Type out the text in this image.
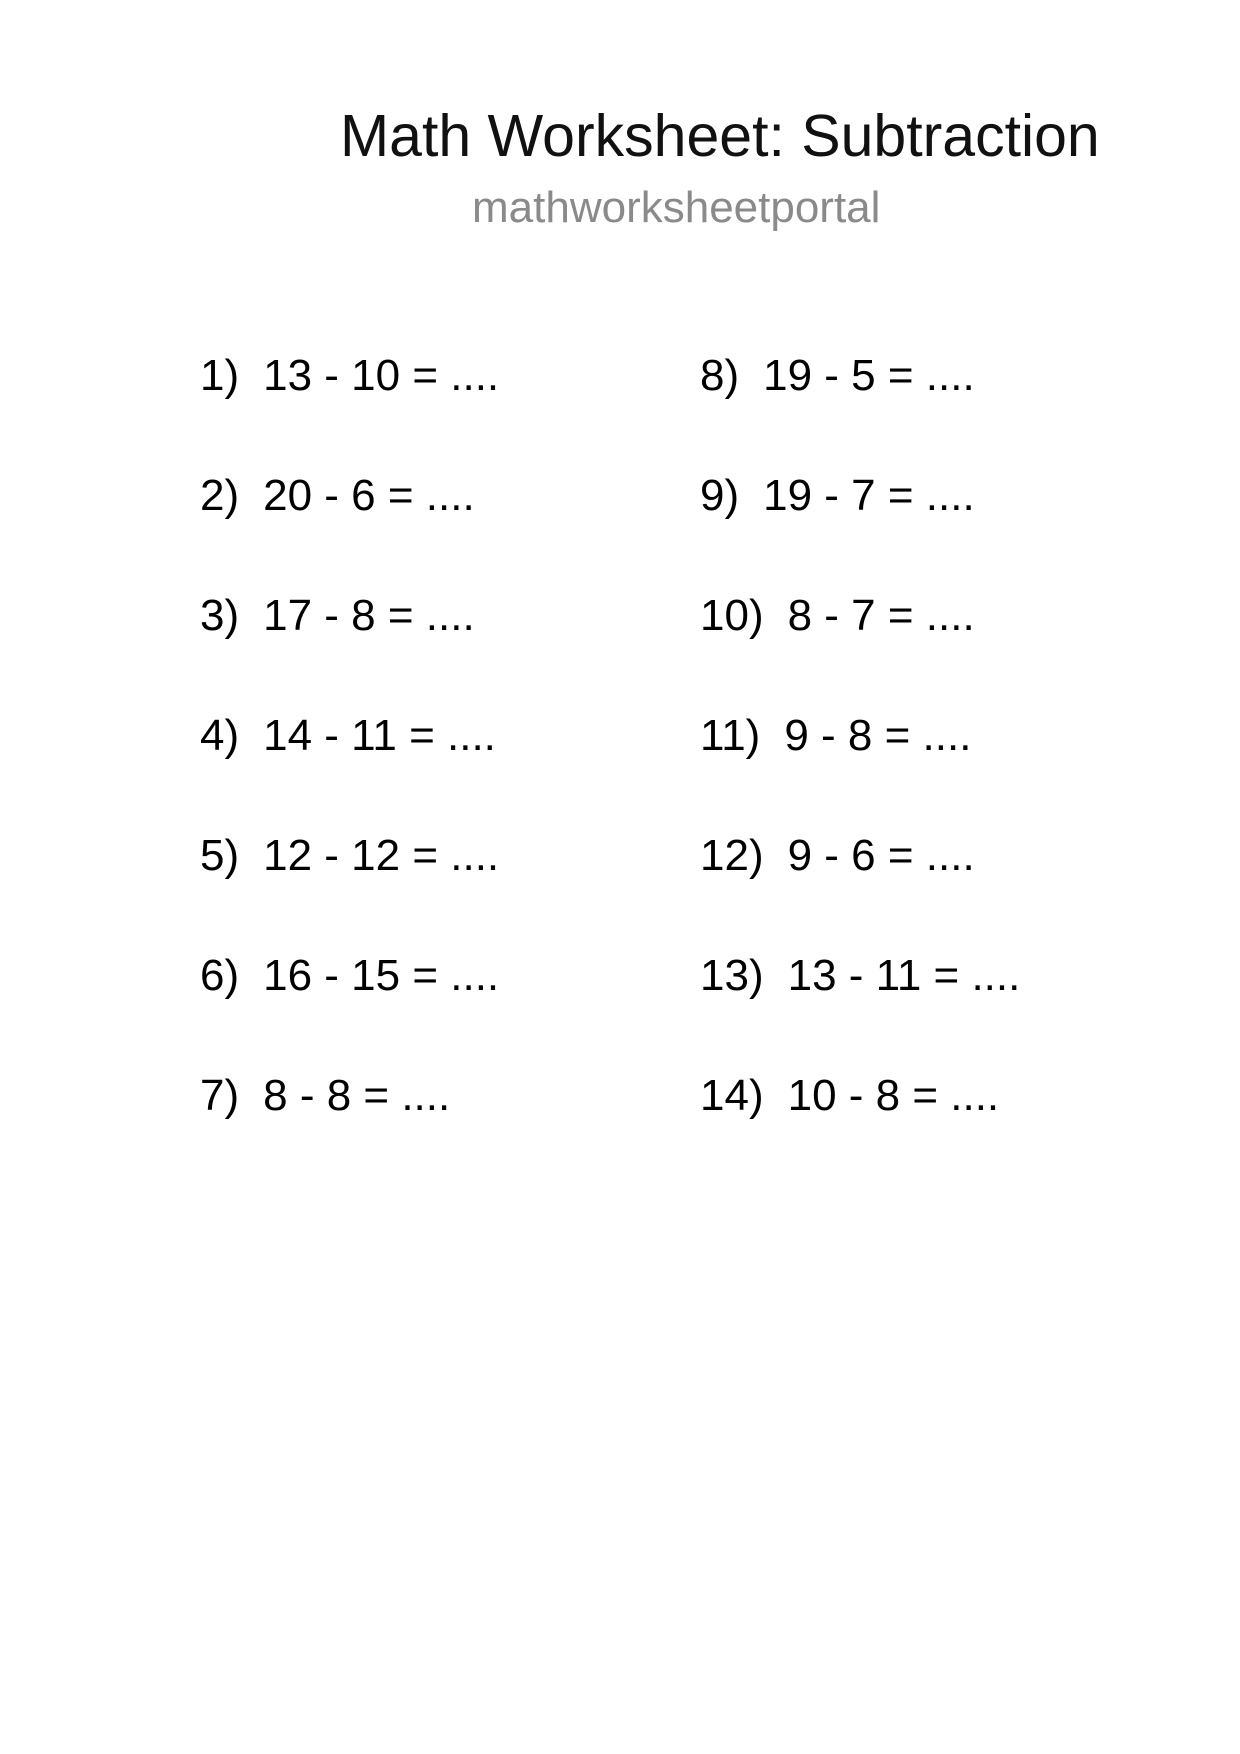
Math Worksheet: Subtraction
mathworksheetportal
1) 13 - 10 = ....
2) 20 - 6 = ....
3) 17 - 8 = ....
4) 14 - 11 = ....
5) 12 - 12 = ....
6) 16 - 15 = ....
7) 8 - 8 = ....
8) 19 - 5 = ....
9) 19 - 7 = ....
10) 8 - 7 = ....
11) 9 - 8 = ....
12) 9 - 6 = ....
13) 13 - 11 = ....
14) 10 - 8 = ....
